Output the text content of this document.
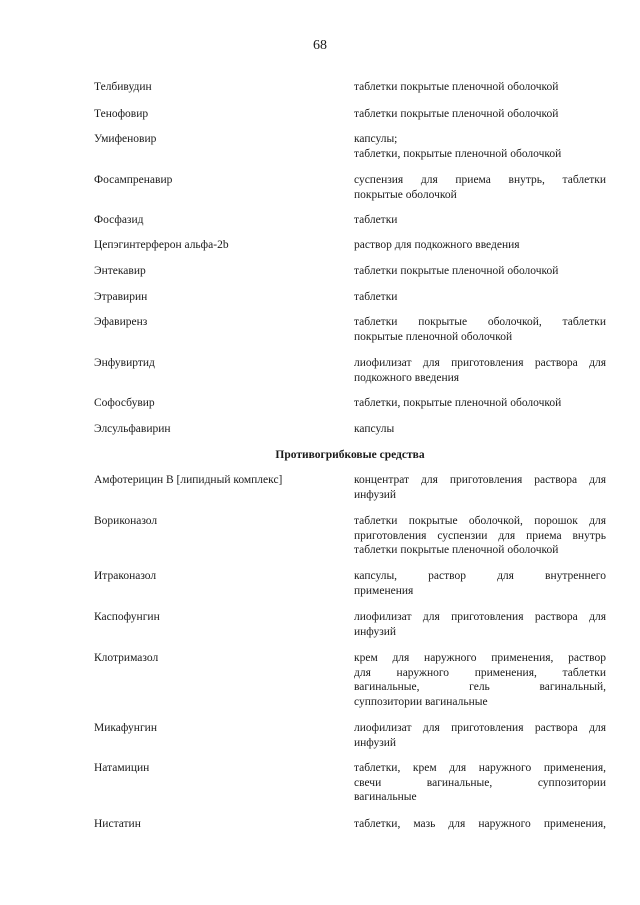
68
Телбивудин	таблетки покрытые пленочной оболочкой
Тенофовир	таблетки покрытые пленочной оболочкой
Умифеновир	капсулы;
таблетки, покрытые пленочной оболочкой
Фосампренавир	суспензия для приема внутрь, таблетки
покрытые оболочкой
Фосфазид	таблетки
Цепэгинтерферон альфа-2b	раствор для подкожного введения
Энтекавир	таблетки покрытые пленочной оболочкой
Этравирин	таблетки
Эфавиренз	таблетки покрытые оболочкой, таблетки
покрытые пленочной оболочкой
Энфувиртид	лиофилизат для приготовления раствора для
подкожного введения
Софосбувир	таблетки, покрытые пленочной оболочкой
Элсульфавирин	капсулы
Противогрибковые средства
Амфотерицин В [липидный комплекс]	концентрат для приготовления раствора для
инфузий
Вориконазол	таблетки покрытые оболочкой, порошок для
приготовления суспензии для приема внутрь
таблетки покрытые пленочной оболочкой
Итраконазол	капсулы, раствор для внутреннего
применения
Каспофунгин	лиофилизат для приготовления раствора для
инфузий
Клотримазол	крем для наружного применения, раствор
для наружного применения, таблетки
вагинальные, гель вагинальный,
суппозитории вагинальные
Микафунгин	лиофилизат для приготовления раствора для
инфузий
Натамицин	таблетки, крем для наружного применения,
свечи вагинальные, суппозитории
вагинальные
Нистатин	таблетки, мазь для наружного применения,
